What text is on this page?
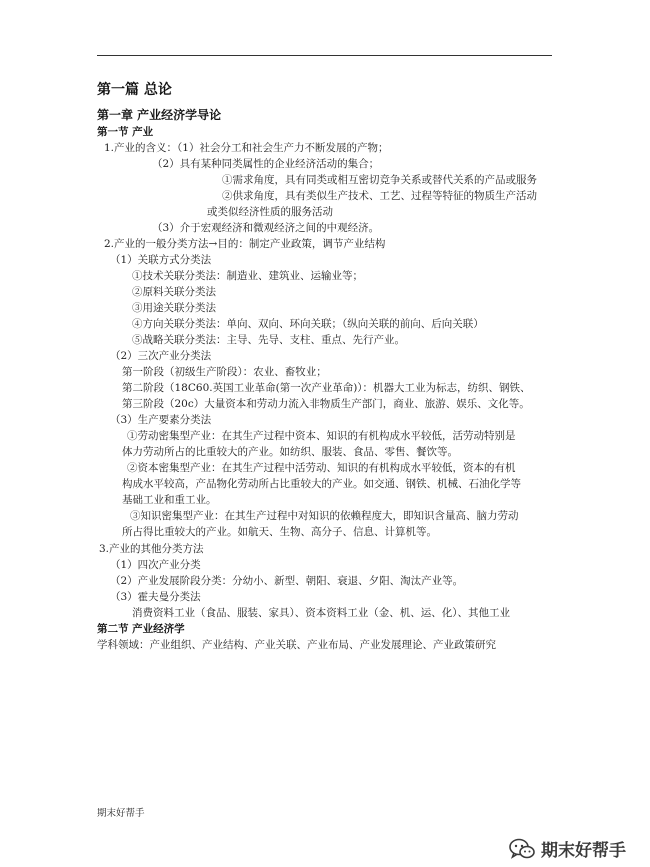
第一篇 总论
第一章 产业经济学导论
第一节 产业
1.产业的含义：（1）社会分工和社会生产力不断发展的产物；
（2）具有某种同类属性的企业经济活动的集合；
①需求角度，具有同类或相互密切竞争关系或替代关系的产品或服务
②供求角度，具有类似生产技术、工艺、过程等特征的物质生产活动
或类似经济性质的服务活动
（3）介于宏观经济和微观经济之间的中观经济。
2.产业的一般分类方法→目的：制定产业政策，调节产业结构
（1）关联方式分类法
①技术关联分类法：制造业、建筑业、运输业等；
②原料关联分类法
③用途关联分类法
④方向关联分类法：单向、双向、环向关联；（纵向关联的前向、后向关联）
⑤战略关联分类法：主导、先导、支柱、重点、先行产业。
（2）三次产业分类法
第一阶段（初级生产阶段）：农业、畜牧业；
第二阶段（18C60.英国工业革命(第一次产业革命)）：机器大工业为标志，纺织、钢铁、
第三阶段（20c）大量资本和劳动力流入非物质生产部门，商业、旅游、娱乐、文化等。
（3）生产要素分类法
①劳动密集型产业：在其生产过程中资本、知识的有机构成水平较低，活劳动特别是
体力劳动所占的比重较大的产业。如纺织、服装、食品、零售、餐饮等。
②资本密集型产业：在其生产过程中活劳动、知识的有机构成水平较低，资本的有机
构成水平较高，产品物化劳动所占比重较大的产业。如交通、钢铁、机械、石油化学等
基础工业和重工业。
③知识密集型产业：在其生产过程中对知识的依赖程度大，即知识含量高、脑力劳动
所占得比重较大的产业。如航天、生物、高分子、信息、计算机等。
3.产业的其他分类方法
（1）四次产业分类
（2）产业发展阶段分类：分幼小、新型、朝阳、衰退、夕阳、淘汰产业等。
（3）霍夫曼分类法
消费资料工业（食品、服装、家具）、资本资料工业（金、机、运、化）、其他工业
第二节 产业经济学
学科领域：产业组织、产业结构、产业关联、产业布局、产业发展理论、产业政策研究
期末好帮手
期末好帮手
